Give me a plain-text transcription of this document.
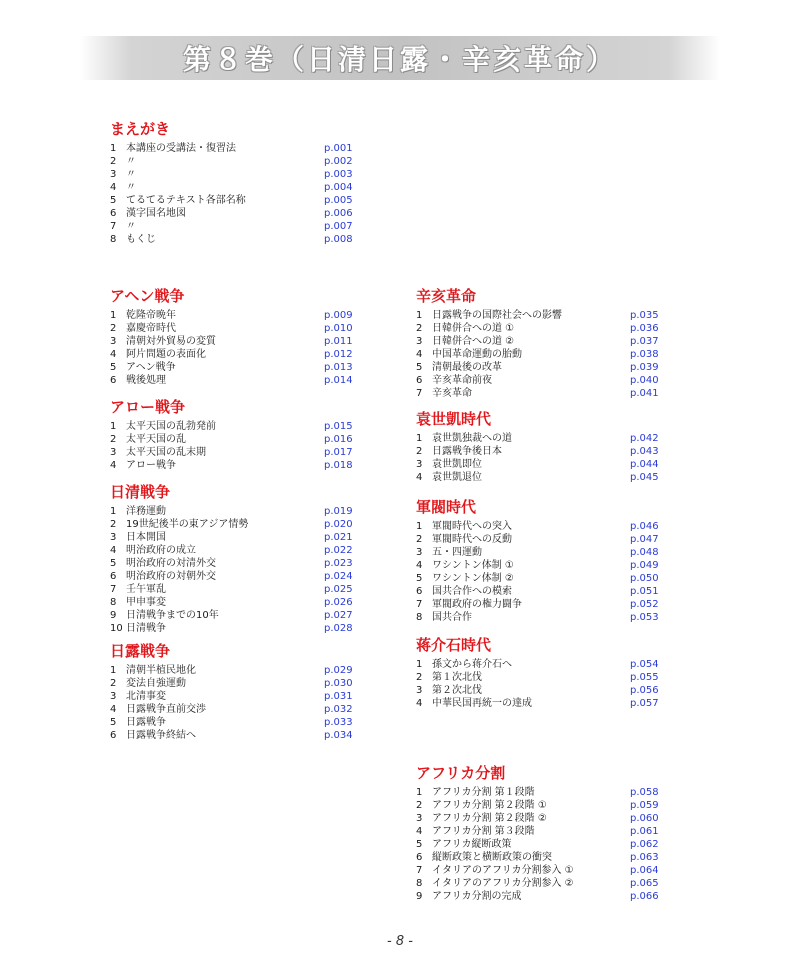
第８巻（日清日露・辛亥革命）
まえがき
1 本講座の受講法・復習法	p.001
2 〃	p.002
3 〃	p.003
4 〃	p.004
5 てるてるテキスト各部名称	p.005
6 漢字国名地図	p.006
7 〃	p.007
8 もくじ	p.008
アヘン戦争
1 乾隆帝晩年	p.009
2 嘉慶帝時代	p.010
3 清朝対外貿易の変質	p.011
4 阿片問題の表面化	p.012
5 アヘン戦争	p.013
6 戦後処理	p.014
アロー戦争
1 太平天国の乱勃発前	p.015
2 太平天国の乱	p.016
3 太平天国の乱末期	p.017
4 アロー戦争	p.018
日清戦争
1 洋務運動	p.019
2 19世紀後半の東アジア情勢	p.020
3 日本開国	p.021
4 明治政府の成立	p.022
5 明治政府の対清外交	p.023
6 明治政府の対朝外交	p.024
7 壬午軍乱	p.025
8 甲申事変	p.026
9 日清戦争までの10年	p.027
10 日清戦争	p.028
日露戦争
1 清朝半植民地化	p.029
2 変法自強運動	p.030
3 北清事変	p.031
4 日露戦争直前交渉	p.032
5 日露戦争	p.033
6 日露戦争終結へ	p.034
辛亥革命
1 日露戦争の国際社会への影響	p.035
2 日韓併合への道 ①	p.036
3 日韓併合への道 ②	p.037
4 中国革命運動の胎動	p.038
5 清朝最後の改革	p.039
6 辛亥革命前夜	p.040
7 辛亥革命	p.041
袁世凱時代
1 袁世凱独裁への道	p.042
2 日露戦争後日本	p.043
3 袁世凱即位	p.044
4 袁世凱退位	p.045
軍閥時代
1 軍閥時代への突入	p.046
2 軍閥時代への反動	p.047
3 五・四運動	p.048
4 ワシントン体制 ①	p.049
5 ワシントン体制 ②	p.050
6 国共合作への模索	p.051
7 軍閥政府の権力闘争	p.052
8 国共合作	p.053
蒋介石時代
1 孫文から蒋介石へ	p.054
2 第１次北伐	p.055
3 第２次北伐	p.056
4 中華民国再統一の達成	p.057
アフリカ分割
1 アフリカ分割 第１段階	p.058
2 アフリカ分割 第２段階 ①	p.059
3 アフリカ分割 第２段階 ②	p.060
4 アフリカ分割 第３段階	p.061
5 アフリカ縦断政策	p.062
6 縦断政策と横断政策の衝突	p.063
7 イタリアのアフリカ分割参入 ①	p.064
8 イタリアのアフリカ分割参入 ②	p.065
9 アフリカ分割の完成	p.066
- 8 -
